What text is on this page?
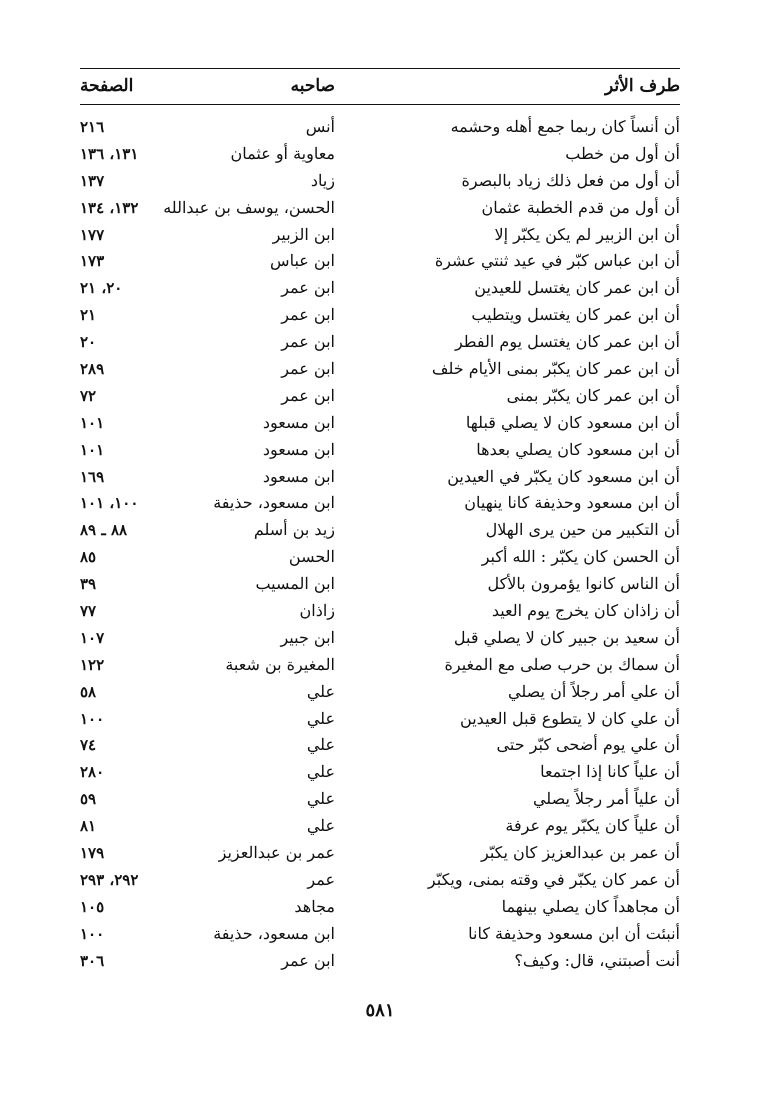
طرف الأثر
صاحبه
الصفحة
أن أنساً كان ربما جمع أهله وحشمه
أنس
٢١٦
أن أول من خطب
معاوية أو عثمان
١٣١، ١٣٦
أن أول من فعل ذلك زياد بالبصرة
زياد
١٣٧
أن أول من قدم الخطبة عثمان
الحسن، يوسف بن عبدالله
١٣٢، ١٣٤
أن ابن الزبير لم يكن يكبّر إلا
ابن الزبير
١٧٧
أن ابن عباس كبّر في عيد ثنتي عشرة
ابن عباس
١٧٣
أن ابن عمر كان يغتسل للعيدين
ابن عمر
٢٠، ٢١
أن ابن عمر كان يغتسل ويتطيب
ابن عمر
٢١
أن ابن عمر كان يغتسل يوم الفطر
ابن عمر
٢٠
أن ابن عمر كان يكبّر بمنى الأيام خلف
ابن عمر
٢٨٩
أن ابن عمر كان يكبّر بمنى
ابن عمر
٧٢
أن ابن مسعود كان لا يصلي قبلها
ابن مسعود
١٠١
أن ابن مسعود كان يصلي بعدها
ابن مسعود
١٠١
أن ابن مسعود كان يكبّر في العيدين
ابن مسعود
١٦٩
أن ابن مسعود وحذيفة كانا ينهيان
ابن مسعود، حذيفة
١٠٠، ١٠١
أن التكبير من حين يرى الهلال
زيد بن أسلم
٨٨ ـ ٨٩
أن الحسن كان يكبّر : الله أكبر
الحسن
٨٥
أن الناس كانوا يؤمرون بالأكل
ابن المسيب
٣٩
أن زاذان كان يخرج يوم العيد
زاذان
٧٧
أن سعيد بن جبير كان لا يصلي قبل
ابن جبير
١٠٧
أن سماك بن حرب صلى مع المغيرة
المغيرة بن شعبة
١٢٢
أن علي أمر رجلاً أن يصلي
علي
٥٨
أن علي كان لا يتطوع قبل العيدين
علي
١٠٠
أن علي يوم أضحى كبّر حتى
علي
٧٤
أن علياً كانا إذا اجتمعا
علي
٢٨٠
أن علياً أمر رجلاً يصلي
علي
٥٩
أن علياً كان يكبّر يوم عرفة
علي
٨١
أن عمر بن عبدالعزيز كان يكبّر
عمر بن عبدالعزيز
١٧٩
أن عمر كان يكبّر في وقته بمنى، ويكبّر
عمر
٢٩٢، ٢٩٣
أن مجاهداً كان يصلي بينهما
مجاهد
١٠٥
أنبئت أن ابن مسعود وحذيفة كانا
ابن مسعود، حذيفة
١٠٠
أنت أصبتني، قال: وكيف؟
ابن عمر
٣٠٦
٥٨١
